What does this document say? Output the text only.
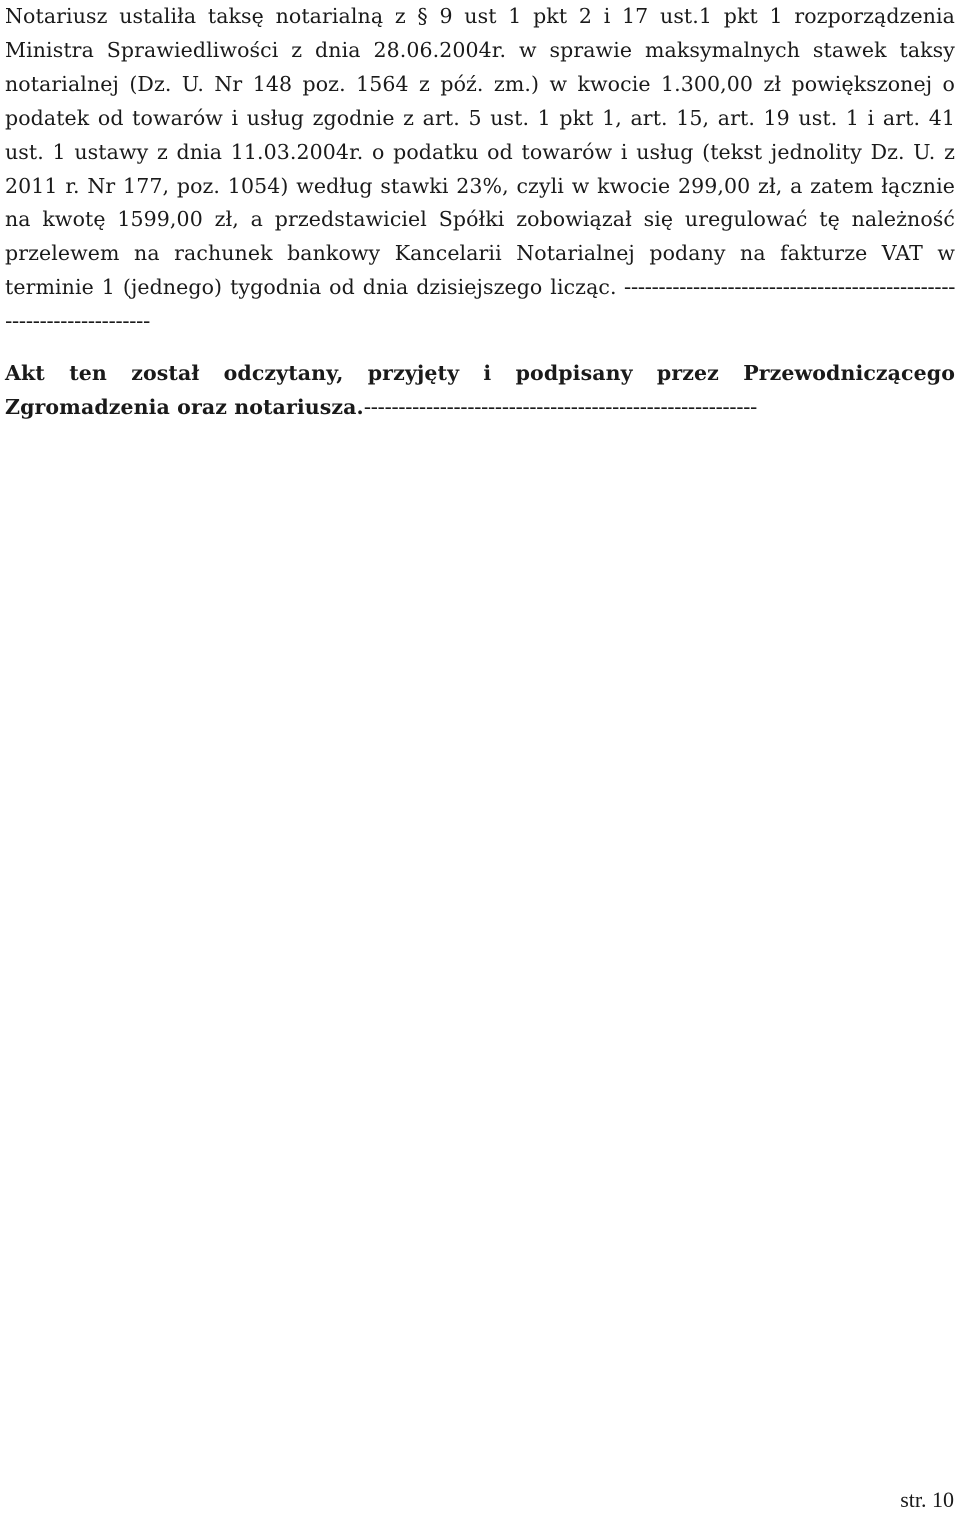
Notariusz ustaliła taksę notarialną z § 9 ust 1 pkt 2 i 17 ust.1 pkt 1 rozporządzenia Ministra Sprawiedliwości z dnia 28.06.2004r. w sprawie maksymalnych stawek taksy notarialnej (Dz. U. Nr 148 poz. 1564 z póź. zm.) w kwocie 1.300,00 zł powiększonej o podatek od towarów i usług zgodnie z art. 5 ust. 1 pkt 1, art. 15, art. 19 ust. 1 i art. 41 ust. 1 ustawy z dnia 11.03.2004r. o podatku od towarów i usług (tekst jednolity Dz. U. z 2011 r. Nr 177, poz. 1054) według stawki 23%, czyli w kwocie 299,00 zł, a zatem łącznie na kwotę 1599,00 zł, a przedstawiciel Spółki zobowiązał się uregulować tę należność przelewem na rachunek bankowy Kancelarii Notarialnej podany na fakturze VAT w terminie 1 (jednego) tygodnia od dnia dzisiejszego licząc. ---------------------------------------------------------------------

Akt ten został odczytany, przyjęty i podpisany przez Przewodniczącego Zgromadzenia oraz notariusza.---------------------------------------------------------

str. 10
